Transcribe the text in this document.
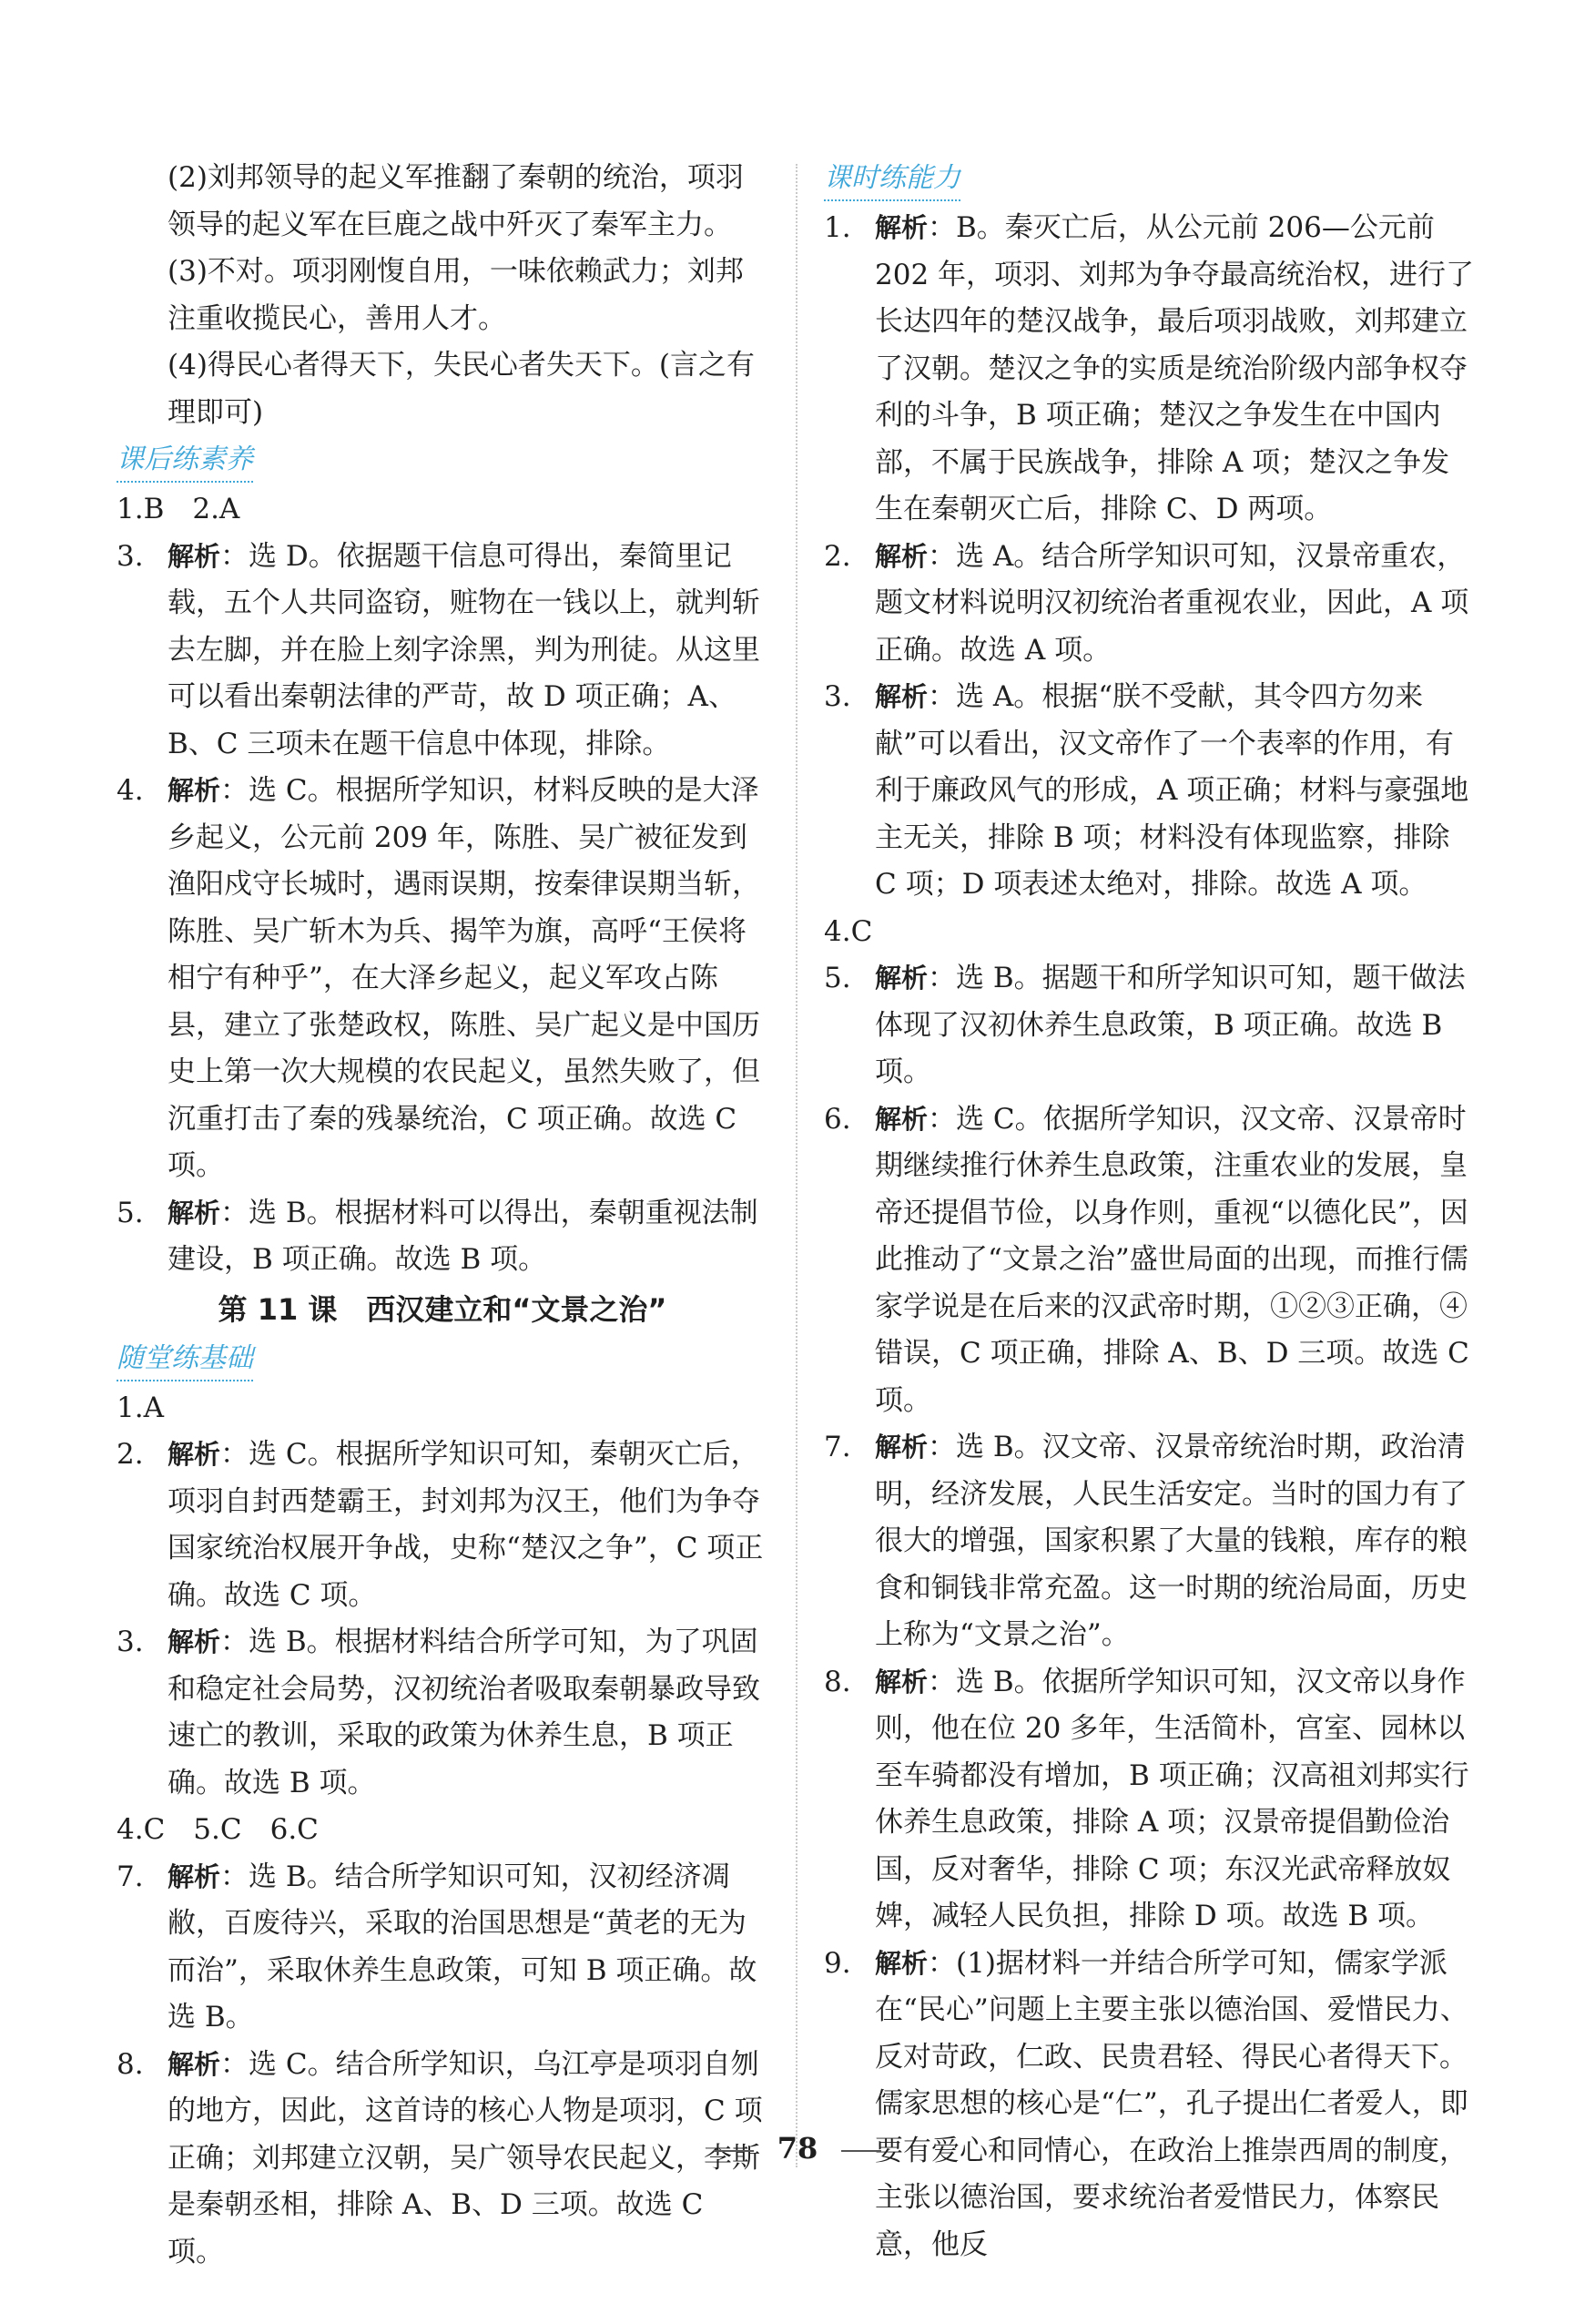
(2)刘邦领导的起义军推翻了秦朝的统治，项羽领导的起义军在巨鹿之战中歼灭了秦军主力。

(3)不对。项羽刚愎自用，一味依赖武力；刘邦注重收揽民心，善用人才。

(4)得民心者得天下，失民心者失天下。(言之有理即可)

课后练素养

1.B　2.A

3. 解析：选 D。依据题干信息可得出，秦简里记载，五个人共同盗窃，赃物在一钱以上，就判斩去左脚，并在脸上刻字涂黑，判为刑徒。从这里可以看出秦朝法律的严苛，故 D 项正确；A、B、C 三项未在题干信息中体现，排除。

4. 解析：选 C。根据所学知识，材料反映的是大泽乡起义，公元前 209 年，陈胜、吴广被征发到渔阳戍守长城时，遇雨误期，按秦律误期当斩，陈胜、吴广斩木为兵、揭竿为旗，高呼“王侯将相宁有种乎”，在大泽乡起义，起义军攻占陈县，建立了张楚政权，陈胜、吴广起义是中国历史上第一次大规模的农民起义，虽然失败了，但沉重打击了秦的残暴统治，C 项正确。故选 C 项。

5. 解析：选 B。根据材料可以得出，秦朝重视法制建设，B 项正确。故选 B 项。

第 11 课　西汉建立和“文景之治”
随堂练基础

1.A

2. 解析：选 C。根据所学知识可知，秦朝灭亡后，项羽自封西楚霸王，封刘邦为汉王，他们为争夺国家统治权展开争战，史称“楚汉之争”，C 项正确。故选 C 项。

3. 解析：选 B。根据材料结合所学可知，为了巩固和稳定社会局势，汉初统治者吸取秦朝暴政导致速亡的教训，采取的政策为休养生息，B 项正确。故选 B 项。

4.C　5.C　6.C

7. 解析：选 B。结合所学知识可知，汉初经济凋敝，百废待兴，采取的治国思想是“黄老的无为而治”，采取休养生息政策，可知 B 项正确。故选 B。

8. 解析：选 C。结合所学知识，乌江亭是项羽自刎的地方，因此，这首诗的核心人物是项羽，C 项正确；刘邦建立汉朝，吴广领导农民起义，李斯是秦朝丞相，排除 A、B、D 三项。故选 C 项。

课时练能力

1. 解析：B。秦灭亡后，从公元前 206—公元前 202 年，项羽、刘邦为争夺最高统治权，进行了长达四年的楚汉战争，最后项羽战败，刘邦建立了汉朝。楚汉之争的实质是统治阶级内部争权夺利的斗争，B 项正确；楚汉之争发生在中国内部，不属于民族战争，排除 A 项；楚汉之争发生在秦朝灭亡后，排除 C、D 两项。

2. 解析：选 A。结合所学知识可知，汉景帝重农，题文材料说明汉初统治者重视农业，因此，A 项正确。故选 A 项。

3. 解析：选 A。根据“朕不受献，其令四方勿来献”可以看出，汉文帝作了一个表率的作用，有利于廉政风气的形成，A 项正确；材料与豪强地主无关，排除 B 项；材料没有体现监察，排除 C 项；D 项表述太绝对，排除。故选 A 项。

4.C

5. 解析：选 B。据题干和所学知识可知，题干做法体现了汉初休养生息政策，B 项正确。故选 B 项。

6. 解析：选 C。依据所学知识，汉文帝、汉景帝时期继续推行休养生息政策，注重农业的发展，皇帝还提倡节俭，以身作则，重视“以德化民”，因此推动了“文景之治”盛世局面的出现，而推行儒家学说是在后来的汉武帝时期，①②③正确，④错误，C 项正确，排除 A、B、D 三项。故选 C 项。

7. 解析：选 B。汉文帝、汉景帝统治时期，政治清明，经济发展，人民生活安定。当时的国力有了很大的增强，国家积累了大量的钱粮，库存的粮食和铜钱非常充盈。这一时期的统治局面，历史上称为“文景之治”。

8. 解析：选 B。依据所学知识可知，汉文帝以身作则，他在位 20 多年，生活简朴，宫室、园林以至车骑都没有增加，B 项正确；汉高祖刘邦实行休养生息政策，排除 A 项；汉景帝提倡勤俭治国，反对奢华，排除 C 项；东汉光武帝释放奴婢，减轻人民负担，排除 D 项。故选 B 项。

9. 解析：(1)据材料一并结合所学可知，儒家学派在“民心”问题上主要主张以德治国、爱惜民力、反对苛政，仁政、民贵君轻、得民心者得天下。儒家思想的核心是“仁”，孔子提出仁者爱人，即要有爱心和同情心，在政治上推崇西周的制度，主张以德治国，要求统治者爱惜民力，体察民意，他反

78
